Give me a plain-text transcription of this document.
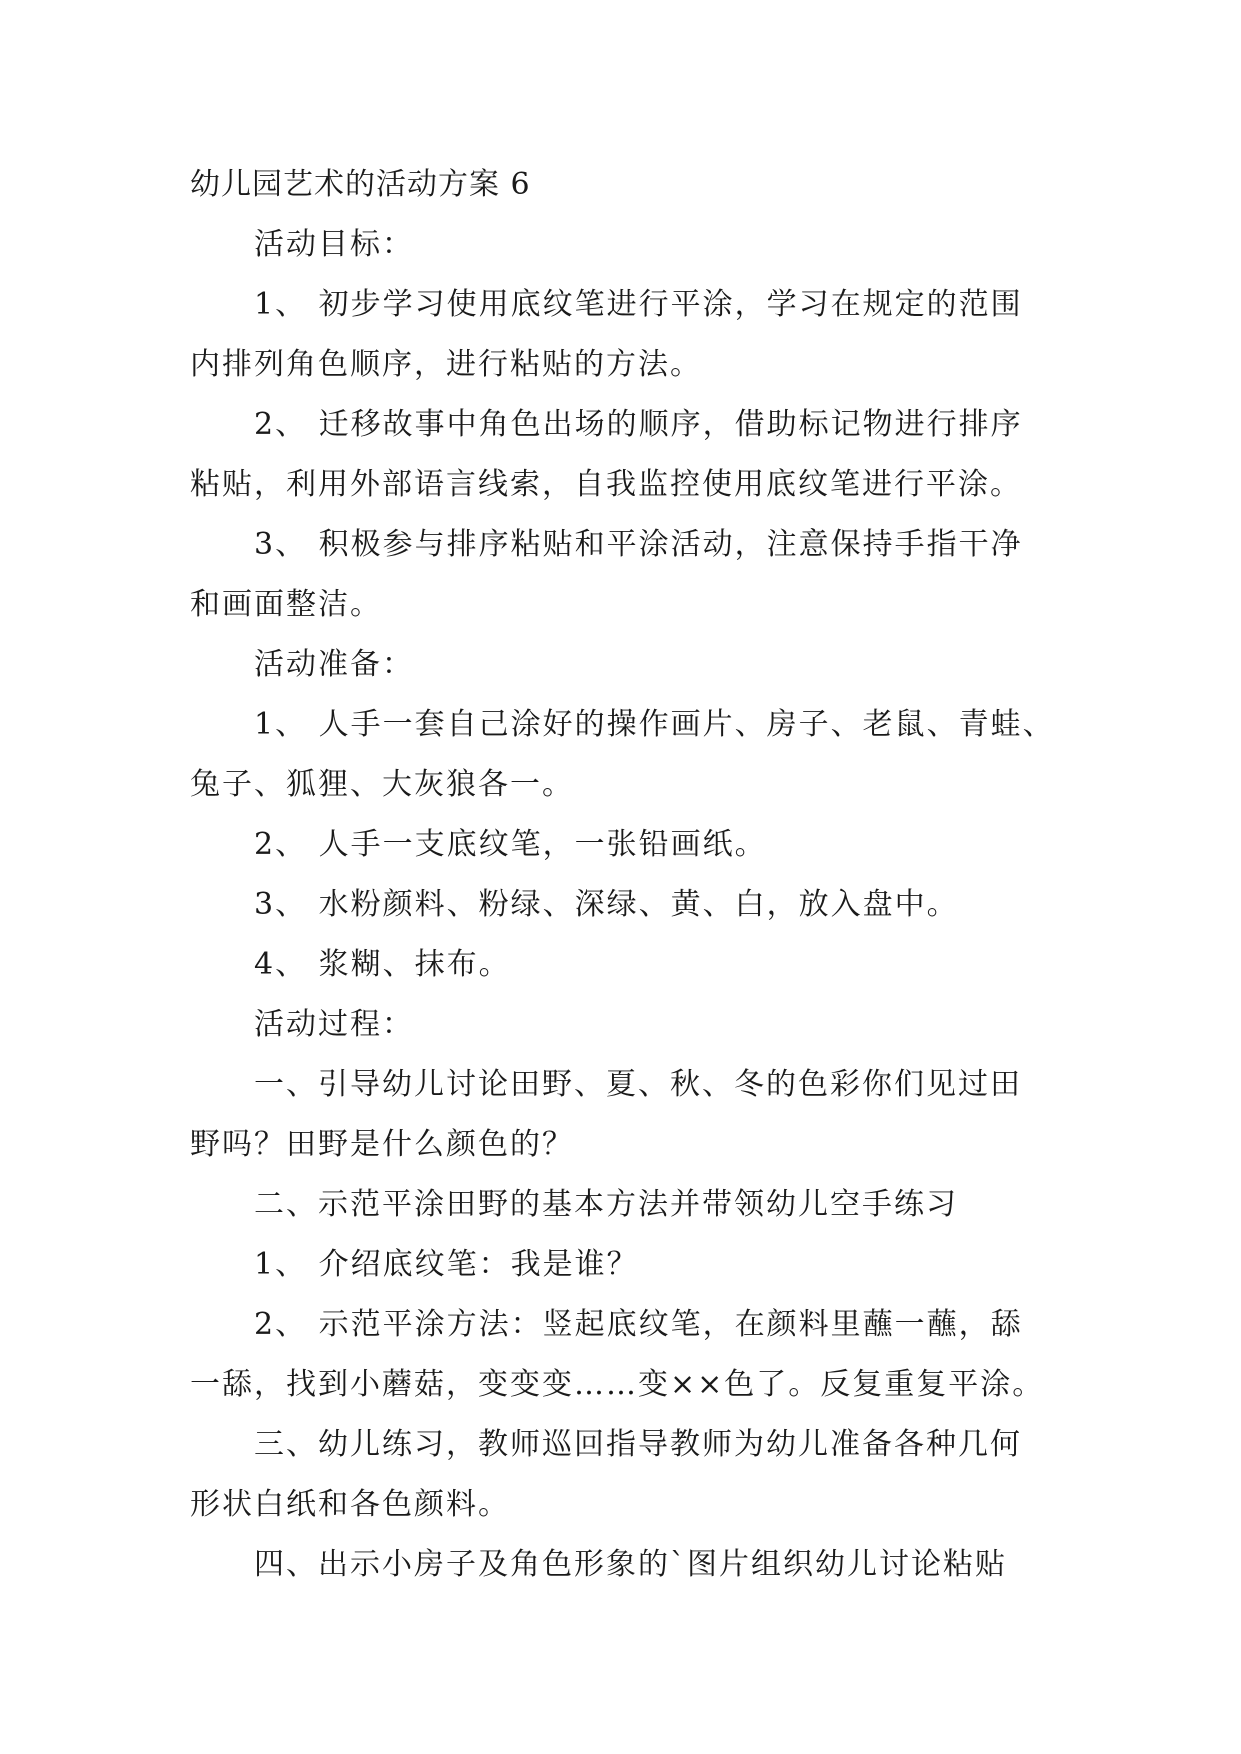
幼儿园艺术的活动方案 6
活动目标：
1、 初步学习使用底纹笔进行平涂，学习在规定的范围
内排列角色顺序，进行粘贴的方法。
2、 迁移故事中角色出场的顺序，借助标记物进行排序
粘贴，利用外部语言线索，自我监控使用底纹笔进行平涂。
3、 积极参与排序粘贴和平涂活动，注意保持手指干净
和画面整洁。
活动准备：
1、 人手一套自己涂好的操作画片、房子、老鼠、青蛙、
兔子、狐狸、大灰狼各一。
2、 人手一支底纹笔，一张铅画纸。
3、 水粉颜料、粉绿、深绿、黄、白，放入盘中。
4、 浆糊、抹布。
活动过程：
一、引导幼儿讨论田野、夏、秋、冬的色彩你们见过田
野吗？田野是什么颜色的？
二、示范平涂田野的基本方法并带领幼儿空手练习
1、 介绍底纹笔：我是谁？
2、 示范平涂方法：竖起底纹笔，在颜料里蘸一蘸，舔
一舔，找到小蘑菇，变变变……变××色了。反复重复平涂。
三、幼儿练习，教师巡回指导教师为幼儿准备各种几何
形状白纸和各色颜料。
四、出示小房子及角色形象的`图片组织幼儿讨论粘贴
